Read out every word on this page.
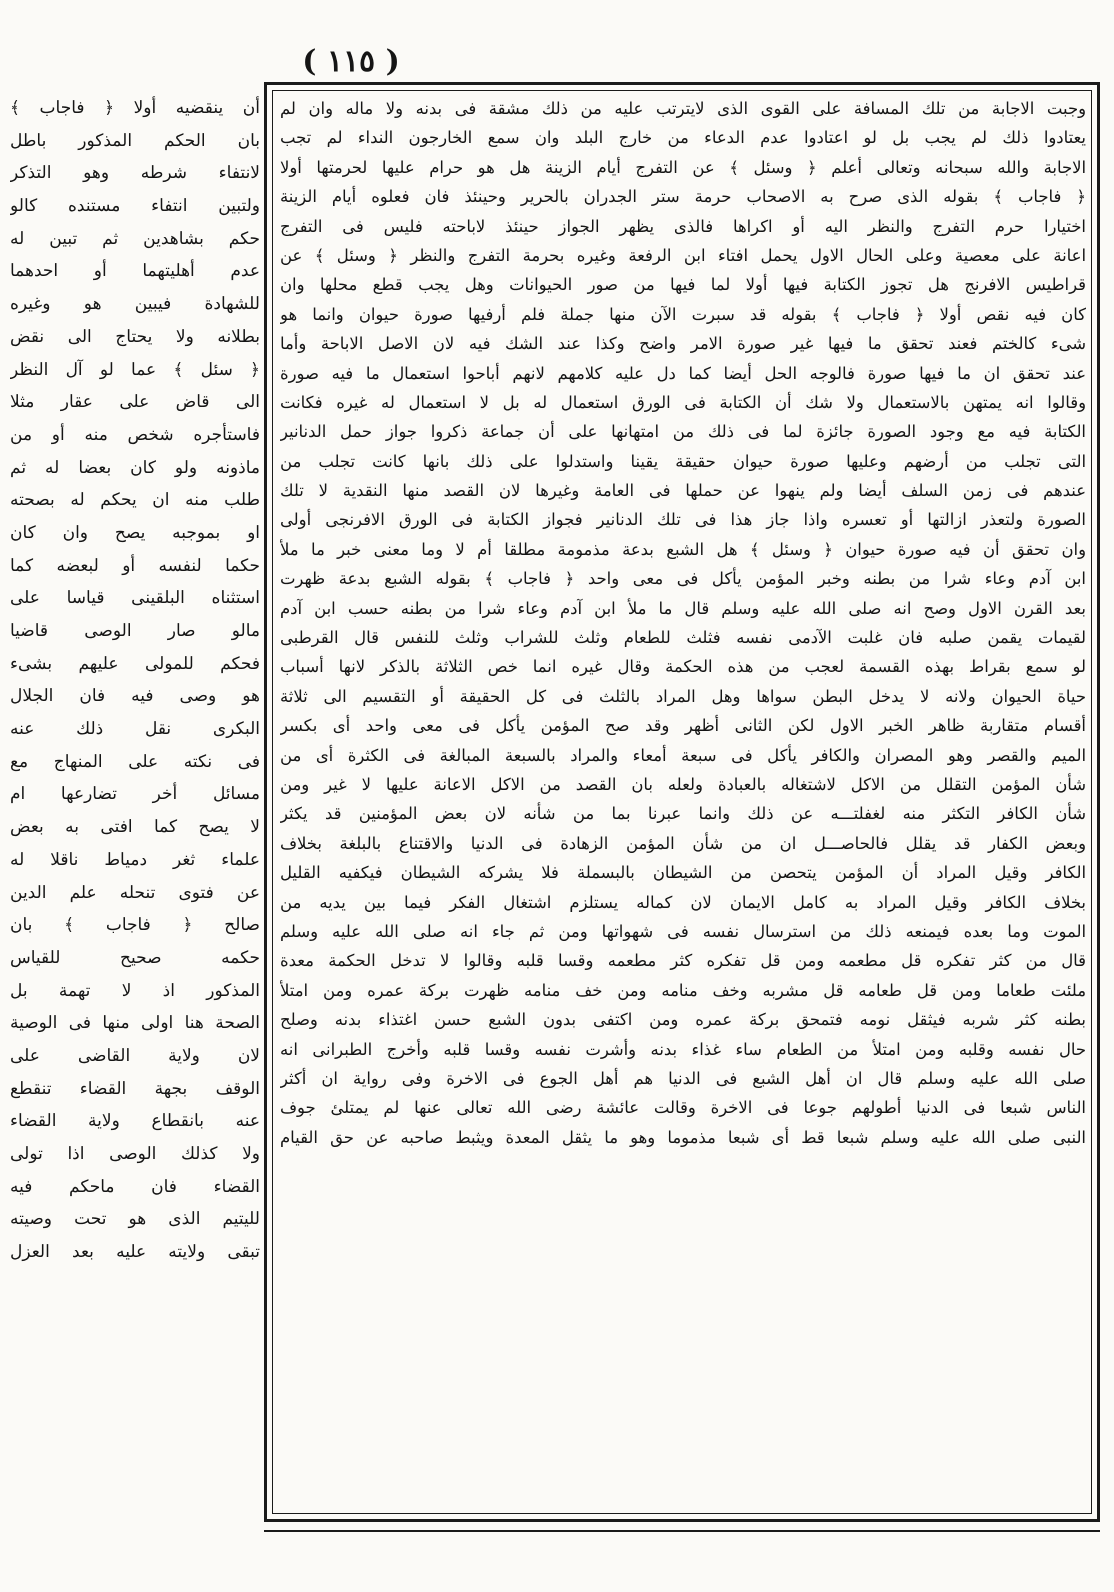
( ١١٥ )
أن ينقضيه أولا ﴿ فاجاب ﴾
بان الحكم المذكور باطل
لانتفاء شرطه وهو التذكر
ولتبين انتفاء مستنده كالو
حكم بشاهدين ثم تبين له
عدم أهليتهما أو احدهما
للشهادة فيبين هو وغيره
بطلانه ولا يحتاج الى نقض
﴿ سئل ﴾ عما لو آل النظر
الى قاض على عقار مثلا
فاستأجره شخص منه أو من
ماذونه ولو كان بعضا له ثم
طلب منه ان يحكم له بصحته
او بموجبه يصح وان كان
حكما لنفسه أو لبعضه كما
استثناه البلقينى قياسا على
مالو صار الوصى قاضيا
فحكم للمولى عليهم بشىء
هو وصى فيه فان الجلال
البكرى نقل ذلك عنه
فى نكته على المنهاج مع
مسائل أخر تضارعها ام
لا يصح كما افتى به بعض
علماء ثغر دمياط ناقلا له
عن فتوى تنحله علم الدين
صالح ﴿ فاجاب ﴾ بان
حكمه صحيح للقياس
المذكور اذ لا تهمة بل
الصحة هنا اولى منها فى الوصية
لان ولاية القاضى على
الوقف بجهة القضاء تنقطع
عنه بانقطاع ولاية القضاء
ولا كذلك الوصى اذا تولى
القضاء فان ماحكم فيه
لليتيم الذى هو تحت وصيته
تبقى ولايته عليه بعد العزل
وجبت الاجابة من تلك المسافة على القوى الذى لايترتب عليه من ذلك مشقة فى بدنه ولا ماله وان لم
يعتادوا ذلك لم يجب بل لو اعتادوا عدم الدعاء من خارج البلد وان سمع الخارجون النداء لم تجب
الاجابة والله سبحانه وتعالى أعلم ﴿ وسئل ﴾ عن التفرج أيام الزينة هل هو حرام عليها لحرمتها أولا
﴿ فاجاب ﴾ بقوله الذى صرح به الاصحاب حرمة ستر الجدران بالحرير وحينئذ فان فعلوه أيام الزينة
اختيارا حرم التفرج والنظر اليه أو اكراها فالذى يظهر الجواز حينئذ لاباحته فليس فى التفرج
اعانة على معصية وعلى الحال الاول يحمل افتاء ابن الرفعة وغيره بحرمة التفرج والنظر ﴿ وسئل ﴾ عن
قراطيس الافرنج هل تجوز الكتابة فيها أولا لما فيها من صور الحيوانات وهل يجب قطع محلها وان
كان فيه نقص أولا ﴿ فاجاب ﴾ بقوله قد سبرت الآن منها جملة فلم أرفيها صورة حيوان وانما هو
شىء كالختم فعند تحقق ما فيها غير صورة الامر واضح وكذا عند الشك فيه لان الاصل الاباحة وأما
عند تحقق ان ما فيها صورة فالوجه الحل أيضا كما دل عليه كلامهم لانهم أباحوا استعمال ما فيه صورة
وقالوا انه يمتهن بالاستعمال ولا شك أن الكتابة فى الورق استعمال له بل لا استعمال له غيره فكانت
الكتابة فيه مع وجود الصورة جائزة لما فى ذلك من امتهانها على أن جماعة ذكروا جواز حمل الدنانير
التى تجلب من أرضهم وعليها صورة حيوان حقيقة يقينا واستدلوا على ذلك بانها كانت تجلب من
عندهم فى زمن السلف أيضا ولم ينهوا عن حملها فى العامة وغيرها لان القصد منها النقدية لا تلك
الصورة ولتعذر ازالتها أو تعسره واذا جاز هذا فى تلك الدنانير فجواز الكتابة فى الورق الافرنجى أولى
وان تحقق أن فيه صورة حيوان ﴿ وسئل ﴾ هل الشبع بدعة مذمومة مطلقا أم لا وما معنى خبر ما ملأ
ابن آدم وعاء شرا من بطنه وخبر المؤمن يأكل فى معى واحد ﴿ فاجاب ﴾ بقوله الشبع بدعة ظهرت
بعد القرن الاول وصح انه صلى الله عليه وسلم قال ما ملأ ابن آدم وعاء شرا من بطنه حسب ابن آدم
لقيمات يقمن صلبه فان غلبت الآدمى نفسه فثلث للطعام وثلث للشراب وثلث للنفس قال القرطبى
لو سمع بقراط بهذه القسمة لعجب من هذه الحكمة وقال غيره انما خص الثلاثة بالذكر لانها أسباب
حياة الحيوان ولانه لا يدخل البطن سواها وهل المراد بالثلث فى كل الحقيقة أو التقسيم الى ثلاثة
أقسام متقاربة ظاهر الخبر الاول لكن الثانى أظهر وقد صح المؤمن يأكل فى معى واحد أى بكسر
الميم والقصر وهو المصران والكافر يأكل فى سبعة أمعاء والمراد بالسبعة المبالغة فى الكثرة أى من
شأن المؤمن التقلل من الاكل لاشتغاله بالعبادة ولعله بان القصد من الاكل الاعانة عليها لا غير ومن
شأن الكافر التكثر منه لغفلتـــه عن ذلك وانما عبرنا بما من شأنه لان بعض المؤمنين قد يكثر
وبعض الكفار قد يقلل فالحاصـــل ان من شأن المؤمن الزهادة فى الدنيا والاقتناع بالبلغة بخلاف
الكافر وقيل المراد أن المؤمن يتحصن من الشيطان بالبسملة فلا يشركه الشيطان فيكفيه القليل
بخلاف الكافر وقيل المراد به كامل الايمان لان كماله يستلزم اشتغال الفكر فيما بين يديه من
الموت وما بعده فيمنعه ذلك من استرسال نفسه فى شهواتها ومن ثم جاء انه صلى الله عليه وسلم
قال من كثر تفكره قل مطعمه ومن قل تفكره كثر مطعمه وقسا قلبه وقالوا لا تدخل الحكمة معدة
ملئت طعاما ومن قل طعامه قل مشربه وخف منامه ومن خف منامه ظهرت بركة عمره ومن امتلأ
بطنه كثر شربه فيثقل نومه فتمحق بركة عمره ومن اكتفى بدون الشبع حسن اغتذاء بدنه وصلح
حال نفسه وقلبه ومن امتلأ من الطعام ساء غذاء بدنه وأشرت نفسه وقسا قلبه وأخرج الطبرانى انه
صلى الله عليه وسلم قال ان أهل الشبع فى الدنيا هم أهل الجوع فى الاخرة وفى رواية ان أكثر
الناس شبعا فى الدنيا أطولهم جوعا فى الاخرة وقالت عائشة رضى الله تعالى عنها لم يمتلئ جوف
النبى صلى الله عليه وسلم شبعا قط أى شبعا مذموما وهو ما يثقل المعدة ويثبط صاحبه عن حق القيام
